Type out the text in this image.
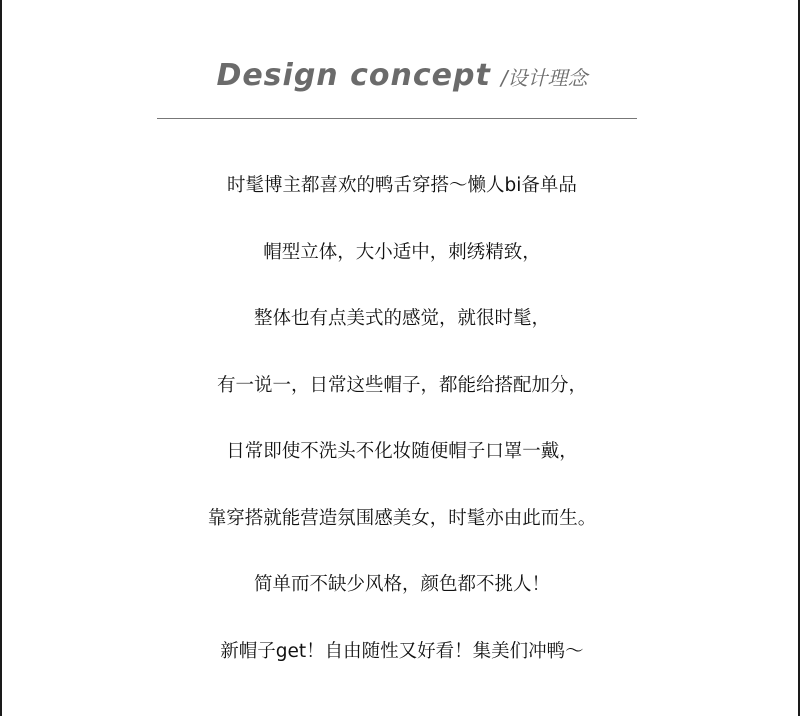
Design concept /设计理念
时髦博主都喜欢的鸭舌穿搭～懒人bi备单品
帽型立体，大小适中，刺绣精致，
整体也有点美式的感觉，就很时髦，
有一说一，日常这些帽子，都能给搭配加分，
日常即使不洗头不化妆随便帽子口罩一戴，
靠穿搭就能营造氛围感美女，时髦亦由此而生。
简单而不缺少风格，颜色都不挑人！
新帽子get！自由随性又好看！集美们冲鸭～
